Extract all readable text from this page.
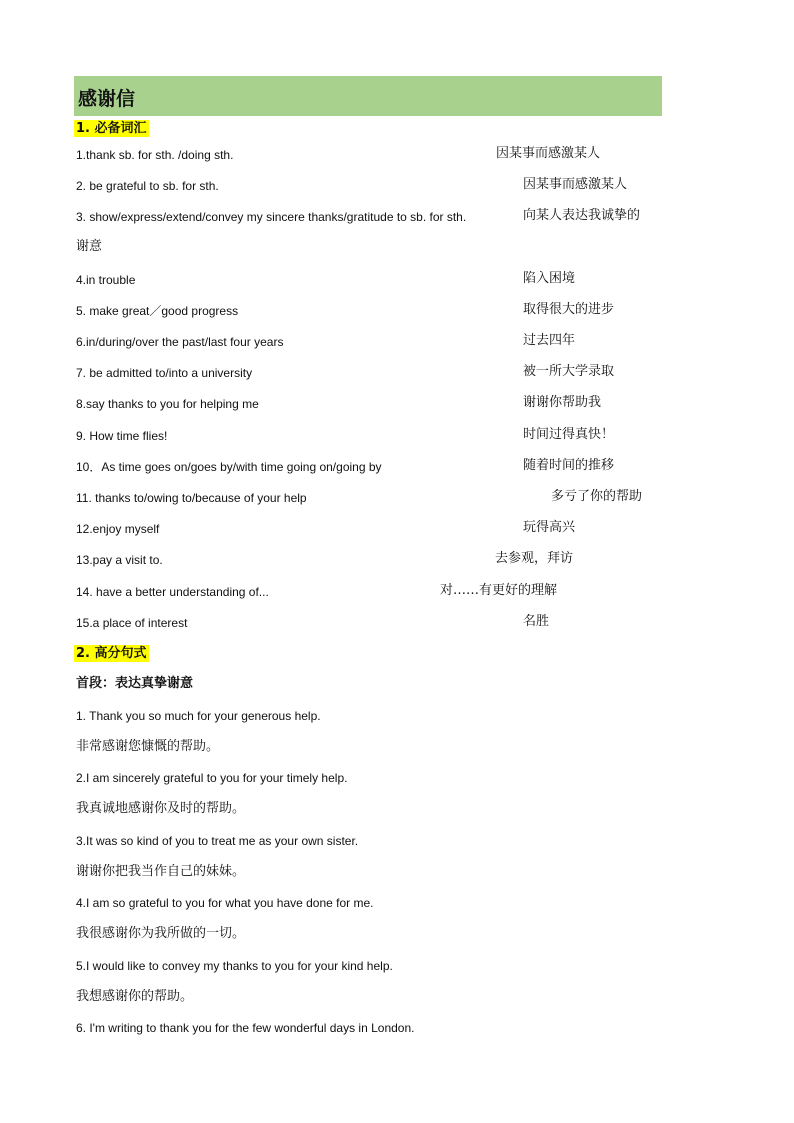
感谢信
1. 必备词汇
1.thank sb. for sth. /doing sth.	因某事而感激某人
2. be grateful to sb. for sth.	因某事而感激某人
3. show/express/extend/convey my sincere thanks/gratitude to sb. for sth.	向某人表达我诚挚的
谢意
4.in trouble	陷入困境
5. make great／good progress	取得很大的进步
6.in/during/over the past/last four years	过去四年
7. be admitted to/into a university	被一所大学录取
8.say thanks to you for helping me	谢谢你帮助我
9. How time flies!	时间过得真快！
10．As time goes on/goes by/with time going on/going by	随着时间的推移
11. thanks to/owing to/because of your help	多亏了你的帮助
12.enjoy myself	玩得高兴
13.pay a visit to.	去参观，拜访
14. have a better understanding of...	对……有更好的理解
15.a place of interest	名胜
2. 高分句式
首段：表达真挚谢意
1. Thank you so much for your generous help.
非常感谢您慷慨的帮助。
2.I am sincerely grateful to you for your timely help.
我真诚地感谢你及时的帮助。
3.It was so kind of you to treat me as your own sister.
谢谢你把我当作自己的妹妹。
4.I am so grateful to you for what you have done for me.
我很感谢你为我所做的一切。
5.I would like to convey my thanks to you for your kind help.
我想感谢你的帮助。
6. I'm writing to thank you for the few wonderful days in London.
